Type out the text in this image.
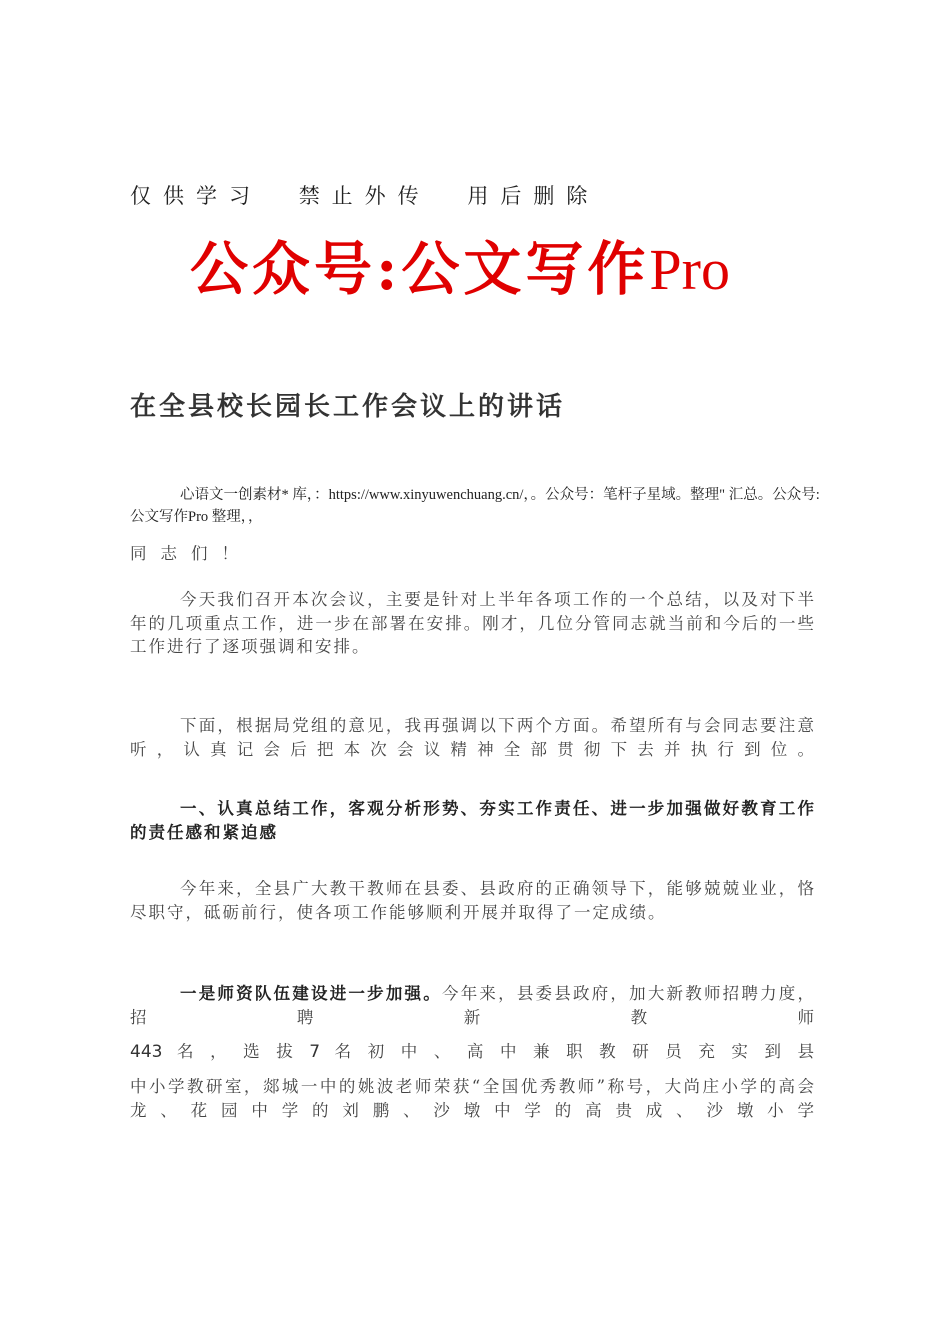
仅供学习 禁止外传 用后删除
公众号:公文写作Pro
在全县校长园长工作会议上的讲话
心语文一创素材* 库，：https://www.xinyuwenchuang.cn/，。公众号：笔杆子星域。整理" 汇总。公众号: 公文写作Pro 整理，，
同志们！
今天我们召开本次会议，主要是针对上半年各项工作的一个总结，以及对下半年的几项重点工作，进一步在部署在安排。刚才，几位分管同志就当前和今后的一些工作进行了逐项强调和安排。
下面，根据局党组的意见，我再强调以下两个方面。希望所有与会同志要注意听，认真记会后把本次会议精神全部贯彻下去并执行到位。
一、认真总结工作，客观分析形势、夯实工作责任、进一步加强做好教育工作的责任感和紧迫感
今年来，全县广大教干教师在县委、县政府的正确领导下，能够兢兢业业，恪尽职守，砥砺前行，使各项工作能够顺利开展并取得了一定成绩。
一是师资队伍建设进一步加强。今年来，县委县政府，加大新教师招聘力度，招聘新教师
443名，选拔7名初中、高中兼职教研员充实到县
中小学教研室，郯城一中的姚波老师荣获“全国优秀教师”称号，大尚庄小学的高会龙、花园中学的刘鹏、沙墩中学的高贵成、沙墩小学
